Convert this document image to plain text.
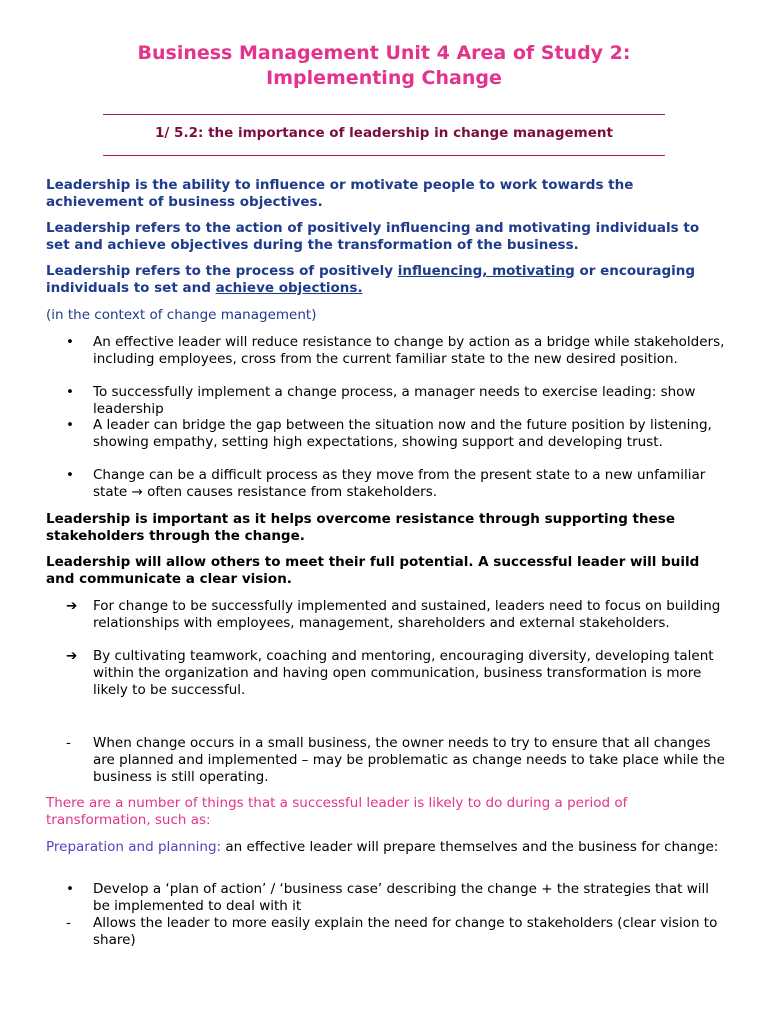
Business Management Unit 4 Area of Study 2:
Implementing Change
1/ 5.2: the importance of leadership in change management

Leadership is the ability to influence or motivate people to work towards the achievement of business objectives.

Leadership refers to the action of positively influencing and motivating individuals to set and achieve objectives during the transformation of the business.

Leadership refers to the process of positively influencing, motivating or encouraging individuals to set and achieve objections.

(in the context of change management)

•	An effective leader will reduce resistance to change by action as a bridge while stakeholders, including employees, cross from the current familiar state to the new desired position.
•	To successfully implement a change process, a manager needs to exercise leading: show leadership
•	A leader can bridge the gap between the situation now and the future position by listening, showing empathy, setting high expectations, showing support and developing trust.
•	Change can be a difficult process as they move from the present state to a new unfamiliar state → often causes resistance from stakeholders.

Leadership is important as it helps overcome resistance through supporting these stakeholders through the change.

Leadership will allow others to meet their full potential. A successful leader will build and communicate a clear vision.

➔	For change to be successfully implemented and sustained, leaders need to focus on building relationships with employees, management, shareholders and external stakeholders.
➔	By cultivating teamwork, coaching and mentoring, encouraging diversity, developing talent within the organization and having open communication, business transformation is more likely to be successful.
-	When change occurs in a small business, the owner needs to try to ensure that all changes are planned and implemented – may be problematic as change needs to take place while the business is still operating.

There are a number of things that a successful leader is likely to do during a period of transformation, such as:

Preparation and planning: an effective leader will prepare themselves and the business for change:

•	Develop a ‘plan of action’ / ‘business case’ describing the change + the strategies that will be implemented to deal with it
-	Allows the leader to more easily explain the need for change to stakeholders (clear vision to share)
